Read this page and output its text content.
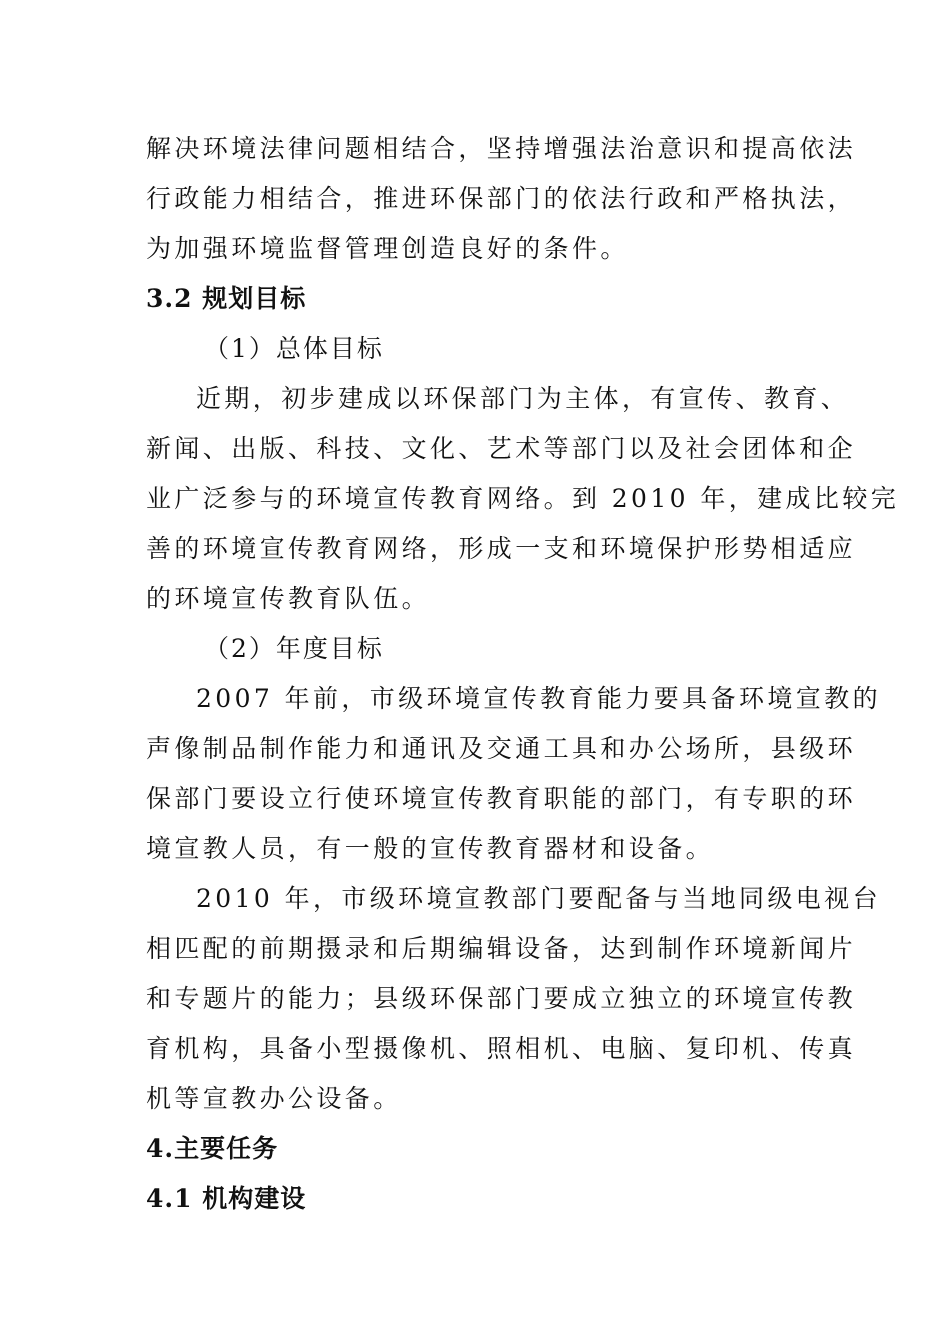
解决环境法律问题相结合，坚持增强法治意识和提高依法
行政能力相结合，推进环保部门的依法行政和严格执法，
为加强环境监督管理创造良好的条件。
3.2 规划目标
（1）总体目标
近期，初步建成以环保部门为主体，有宣传、教育、
新闻、出版、科技、文化、艺术等部门以及社会团体和企
业广泛参与的环境宣传教育网络。到 2010 年，建成比较完
善的环境宣传教育网络，形成一支和环境保护形势相适应
的环境宣传教育队伍。
（2）年度目标
2007 年前，市级环境宣传教育能力要具备环境宣教的
声像制品制作能力和通讯及交通工具和办公场所，县级环
保部门要设立行使环境宣传教育职能的部门，有专职的环
境宣教人员，有一般的宣传教育器材和设备。
2010 年，市级环境宣教部门要配备与当地同级电视台
相匹配的前期摄录和后期编辑设备，达到制作环境新闻片
和专题片的能力；县级环保部门要成立独立的环境宣传教
育机构，具备小型摄像机、照相机、电脑、复印机、传真
机等宣教办公设备。
4.主要任务
4.1 机构建设
